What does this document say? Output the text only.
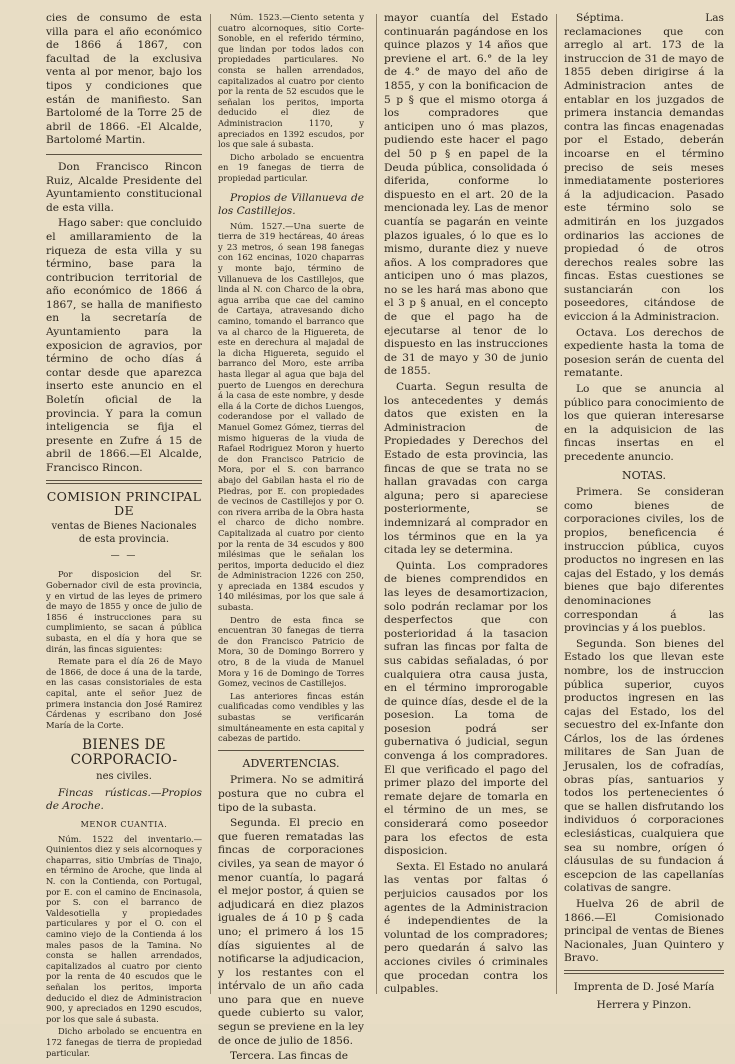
cies de consumo de esta villa para el año económico de 1866 á 1867, con facultad de la exclusiva venta al por menor, bajo los tipos y condiciones que están de manifiesto. San Bartolomé de la Torre 25 de abril de 1866. -El Alcalde, Bartolomé Martin.

Don Francisco Rincon Ruiz, Alcalde Presidente del Ayuntamiento constitucional de esta villa.

Hago saber: que concluido el amillaramiento de la riqueza de esta villa y su término, base para la contribucion territorial de año económico de 1866 á 1867, se halla de manifiesto en la secretaría de Ayuntamiento para la exposicion de agravios, por término de ocho días á contar desde que aparezca inserto este anuncio en el Boletín oficial de la provincia. Y para la comun inteligencia se fija el presente en Zufre á 15 de abril de 1866.—El Alcalde, Francisco Rincon.

COMISION PRINCIPAL DE
ventas de Bienes Nacionales de esta provincia.
— —

Por disposicion del Sr. Gobernador civil de esta provincia, y en virtud de las leyes de primero de mayo de 1855 y once de julio de 1856 é instrucciones para su cumplimiento, se sacan á pública subasta, en el día y hora que se dirán, las fincas siguientes:

Remate para el día 26 de Mayo de 1866, de doce á una de la tarde, en las casas consistoriales de esta capital, ante el señor Juez de primera instancia don José Ramirez Cárdenas y escribano don José María de la Corte.

BIENES DE CORPORACIO-
nes civiles.

Fincas rústicas.—Propios de Aroche.

MENOR CUANTIA.

Núm. 1522 del inventario.—Quinientos diez y seis alcornoques y chaparras, sitio Umbrías de Tinajo, en término de Aroche, que linda al N. con la Contienda, con Portugal, por E. con el camino de Encinasola, por S. con el barranco de Valdesotiella y propiedades particulares y por el O. con el camino viejo de la Contienda á los males pasos de la Tamina. No consta se hallen arrendados, capitalizados al cuatro por ciento por la renta de 40 escudos que le señalan los peritos, importa deducido el diez de Administracion 900, y apreciados en 1290 escudos, por los que sale á subasta.

Dicho arbolado se encuentra en 172 fanegas de tierra de propiedad particular.

Núm. 1523.—Ciento setenta y cuatro alcornoques, sitio Corte-Sonoble, en el referido término, que lindan por todos lados con propiedades particulares. No consta se hallen arrendados, capitalizados al cuatro por ciento por la renta de 52 escudos que le señalan los peritos, importa deducido el diez de Administracion 1170, y apreciados en 1392 escudos, por los que sale á subasta.

Dicho arbolado se encuentra en 19 fanegas de tierra de propiedad particular.

Propios de Villanueva de los Castillejos.

Núm. 1527.—Una suerte de tierra de 319 hectáreas, 40 áreas y 23 metros, ó sean 198 fanegas con 162 encinas, 1020 chaparras y monte bajo, término de Villanueva de los Castillejos, que linda al N. con Charco de la obra, agua arriba que cae del camino de Cartaya, atravesando dicho camino, tomando el barranco que va al charco de la Higuereta, de este en derechura al majadal de la dicha Higuereta, seguido el barranco del Moro, este arriba hasta llegar al agua que baja del puerto de Luengos en derechura á la casa de este nombre, y desde ella á la Corte de dichos Luengos, coderandose por el vallado de Manuel Gomez Gómez, tierras del mismo higueras de la viuda de Rafael Rodriguez Moron y huerto de don Francisco Patricio de Mora, por el S. con barranco abajo del Gabilan hasta el rio de Piedras, por E. con propiedades de vecinos de Castillejos y por O. con rivera arriba de la Obra hasta el charco de dicho nombre. Capitalizada al cuatro por ciento por la renta de 34 escudos y 800 milésimas que le señalan los peritos, importa deducido el diez de Administracion 1226 con 250, y apreciada en 1384 escudos y 140 milésimas, por los que sale á subasta.

Dentro de esta finca se encuentran 30 fanegas de tierra de don Francisco Patricio de Mora, 30 de Domingo Borrero y otro, 8 de la viuda de Manuel Mora y 16 de Domingo de Torres Gomez, vecinos de Castillejos.

Las anteriores fincas están cualificadas como vendibles y las subastas se verificarán simultáneamente en esta capital y cabezas de partido.

ADVERTENCIAS.

Primera. No se admitirá postura que no cubra el tipo de la subasta.

Segunda. El precio en que fueren rematadas las fincas de corporaciones civiles, ya sean de mayor ó menor cuantía, lo pagará el mejor postor, á quien se adjudicará en diez plazos iguales de á 10 p § cada uno; el primero á los 15 días siguientes al de notificarse la adjudicacion, y los restantes con el intérvalo de un año cada uno para que en nueve quede cubierto su valor, segun se previene en la ley de once de julio de 1856.

Tercera. Las fincas de

mayor cuantía del Estado continuarán pagándose en los quince plazos y 14 años que previene el art. 6.° de la ley de 4.° de mayo del año de 1855, y con la bonificacion de 5 p § que el mismo otorga á los compradores que anticipen uno ó mas plazos, pudiendo este hacer el pago del 50 p § en papel de la Deuda pública, consolidada ó diferida, conforme lo dispuesto en el art. 20 de la mencionada ley. Las de menor cuantía se pagarán en veinte plazos iguales, ó lo que es lo mismo, durante diez y nueve años. A los compradores que anticipen uno ó mas plazos, no se les hará mas abono que el 3 p § anual, en el concepto de que el pago ha de ejecutarse al tenor de lo dispuesto en las instrucciones de 31 de mayo y 30 de junio de 1855.

Cuarta. Segun resulta de los antecedentes y demás datos que existen en la Administracion de Propiedades y Derechos del Estado de esta provincia, las fincas de que se trata no se hallan gravadas con carga alguna; pero si apareciese posteriormente, se indemnizará al comprador en los términos que en la ya citada ley se determina.

Quinta. Los compradores de bienes comprendidos en las leyes de desamortizacion, solo podrán reclamar por los desperfectos que con posterioridad á la tasacion sufran las fincas por falta de sus cabidas señaladas, ó por cualquiera otra causa justa, en el término improrogable de quince días, desde el de la posesion. La toma de posesion podrá ser gubernativa ó judicial, segun convenga á los compradores. El que verificado el pago del primer plazo del importe del remate dejare de tomarla en el término de un mes, se considerará como poseedor para los efectos de esta disposicion.

Sexta. El Estado no anulará las ventas por faltas ó perjuicios causados por los agentes de la Administracion é independientes de la voluntad de los compradores; pero quedarán á salvo las acciones civiles ó criminales que procedan contra los culpables.

Séptima. Las reclamaciones que con arreglo al art. 173 de la instruccion de 31 de mayo de 1855 deben dirigirse á la Administracion antes de entablar en los juzgados de primera instancia demandas contra las fincas enagenadas por el Estado, deberán incoarse en el término preciso de seis meses inmediatamente posteriores á la adjudicacion. Pasado este término solo se admitirán en los juzgados ordinarios las acciones de propiedad ó de otros derechos reales sobre las fincas. Estas cuestiones se sustanciarán con los poseedores, citándose de eviccion á la Administracion.

Octava. Los derechos de expediente hasta la toma de posesion serán de cuenta del rematante.

Lo que se anuncia al público para conocimiento de los que quieran interesarse en la adquisicion de las fincas insertas en el precedente anuncio.

NOTAS.

Primera. Se consideran como bienes de corporaciones civiles, los de propios, beneficencia é instruccion pública, cuyos productos no ingresen en las cajas del Estado, y los demás bienes que bajo diferentes denominaciones correspondan á las provincias y á los pueblos.

Segunda. Son bienes del Estado los que llevan este nombre, los de instruccion pública superior, cuyos productos ingresen en las cajas del Estado, los del secuestro del ex-Infante don Cárlos, los de las órdenes militares de San Juan de Jerusalen, los de cofradías, obras pías, santuarios y todos los pertenecientes ó que se hallen disfrutando los individuos ó corporaciones eclesiásticas, cualquiera que sea su nombre, orígen ó cláusulas de su fundacion á escepcion de las capellanías colativas de sangre.

Huelva 26 de abril de 1866.—El Comisionado principal de ventas de Bienes Nacionales, Juan Quintero y Bravo.

Imprenta de D. José María
Herrera y Pinzon.
